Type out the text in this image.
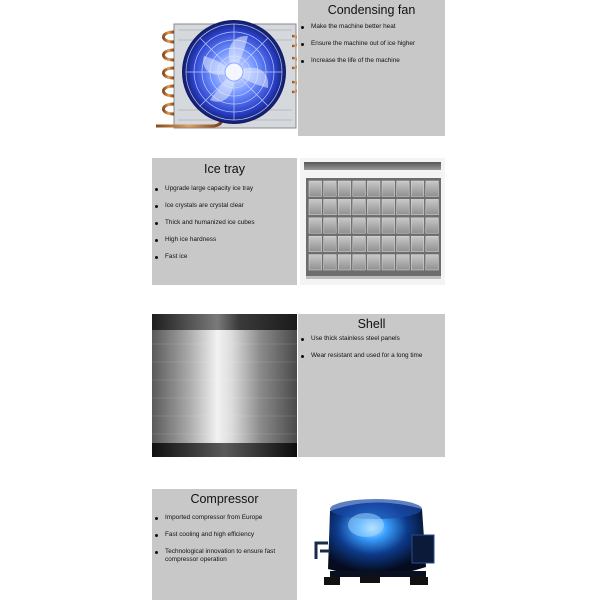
Condensing fan
Make the machine better heat
Ensure the machine out of ice higher
Increase the life of the machine
Ice tray
Upgrade large capacity ice tray
Ice crystals are crystal clear
Thick and humanized ice cubes
High ice hardness
Fast ice
Shell
Use thick stainless steel panels
Wear resistant and used for a long time
Compressor
Imported compressor from Europe
Fast cooling and high efficiency
Technological innovation to ensure fast compressor operation
